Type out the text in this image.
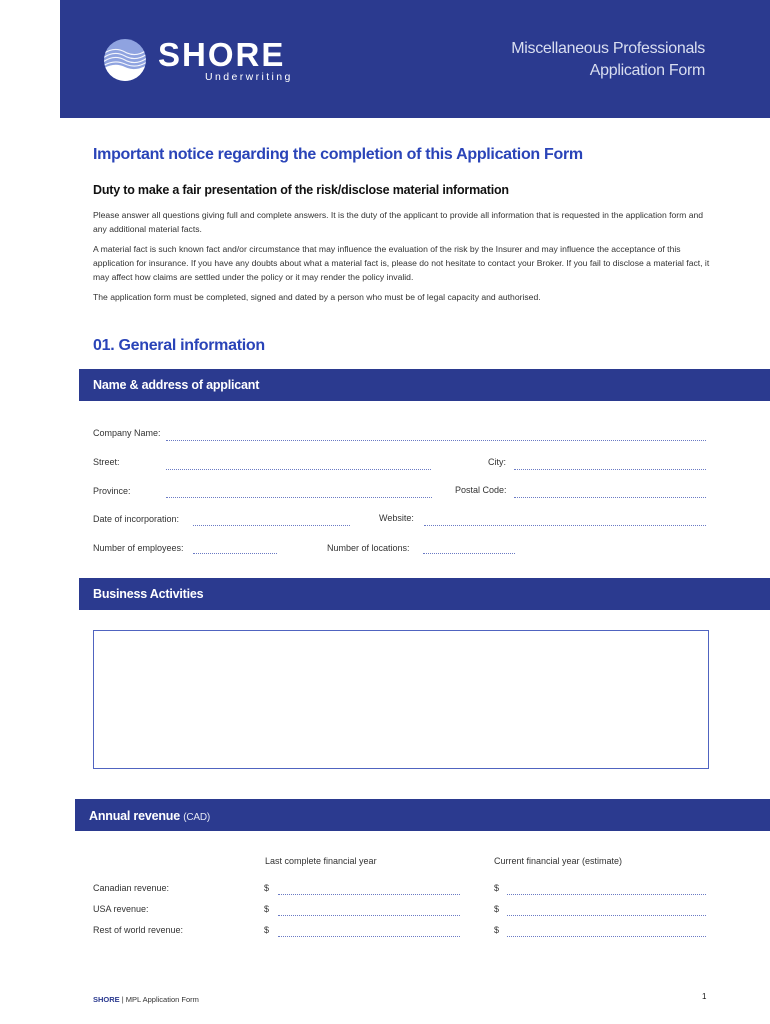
SHORE
Underwriting
Miscellaneous Professionals
Application Form
Important notice regarding the completion of this Application Form
Duty to make a fair presentation of the risk/disclose material information
Please answer all questions giving full and complete answers. It is the duty of the applicant to provide all information that is requested in the application form and any additional material facts.
A material fact is such known fact and/or circumstance that may influence the evaluation of the risk by the Insurer and may influence the acceptance of this application for insurance. If you have any doubts about what a material fact is, please do not hesitate to contact your Broker. If you fail to disclose a material fact, it may affect how claims are settled under the policy or it may render the policy invalid.
The application form must be completed, signed and dated by a person who must be of legal capacity and authorised.
01. General information
Name & address of applicant
Company Name:
Street:	City:
Province:	Postal Code:
Date of incorporation:	Website:
Number of employees:	Number of locations:
Business Activities
Annual revenue (CAD)
Last complete financial year	Current financial year (estimate)
Canadian revenue:	$	$
USA revenue:	$	$
Rest of world revenue:	$	$
SHORE | MPL Application Form	1
